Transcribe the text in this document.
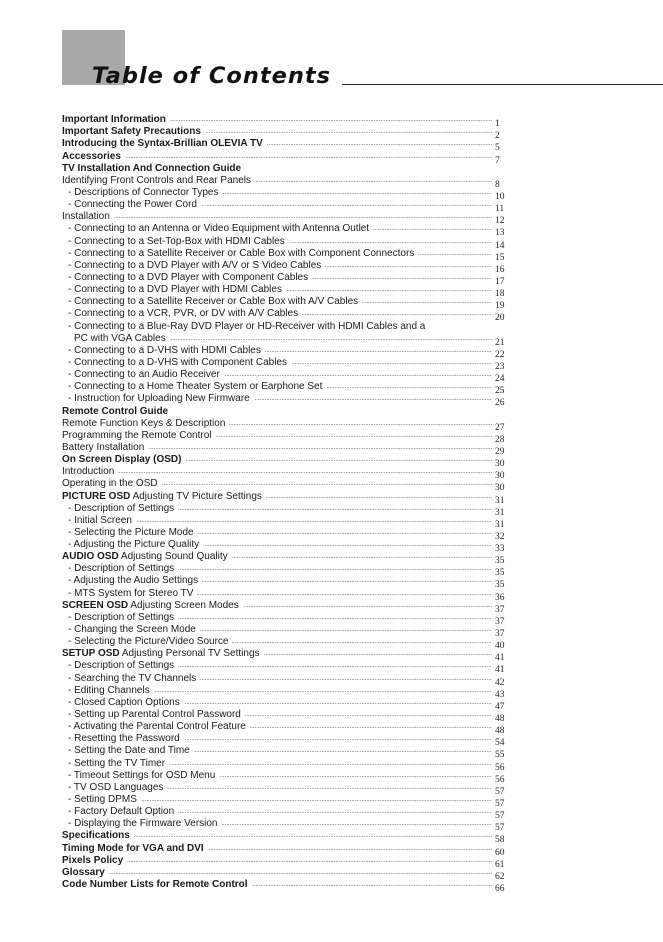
Table of Contents
Important Information .....	1
Important Safety Precautions .....	2
Introducing the Syntax-Brillian OLEVIA TV .....	5
Accessories .....	7
TV Installation And Connection Guide
Identifying Front Controls and Rear Panels .....	8
- Descriptions of Connector Types .....	10
- Connecting the Power Cord .....	11
Installation .....	12
- Connecting to an Antenna or Video Equipment with Antenna Outlet .....	13
- Connecting to a Set-Top-Box with HDMI Cables .....	14
- Connecting to a Satellite Receiver or Cable Box with Component Connectors .....	15
- Connecting to a DVD Player with A/V or S Video Cables .....	16
- Connecting to a DVD Player with Component Cables .....	17
- Connecting to a DVD Player with HDMI Cables .....	18
- Connecting to a Satellite Receiver or Cable Box with A/V Cables .....	19
- Connecting to a VCR, PVR, or DV with A/V Cables .....	20
- Connecting to a Blue-Ray DVD Player or HD-Receiver with HDMI Cables and a
PC with VGA Cables .....	21
- Connecting to a D-VHS with HDMI Cables .....	22
- Connecting to a D-VHS with Component Cables .....	23
- Connecting to an Audio Receiver .....	24
- Connecting to a Home Theater System or Earphone Set .....	25
- Instruction for Uploading New Firmware .....	26
Remote Control Guide
Remote Function Keys & Description .....	27
Programming the Remote Control .....	28
Battery Installation .....	29
On Screen Display (OSD) .....	30
Introduction .....	30
Operating in the OSD .....	30
PICTURE OSD Adjusting TV Picture Settings .....	31
- Description of Settings .....	31
- Initial Screen .....	31
- Selecting the Picture Mode .....	32
- Adjusting the Picture Quality .....	33
AUDIO OSD Adjusting Sound Quality .....	35
- Description of Settings .....	35
- Adjusting the Audio Settings .....	35
- MTS System for Stereo TV .....	36
SCREEN OSD Adjusting Screen Modes .....	37
- Description of Settings .....	37
- Changing the Screen Mode .....	37
- Selecting the Picture/Video Source .....	40
SETUP OSD Adjusting Personal TV Settings .....	41
- Description of Settings .....	41
- Searching the TV Channels .....	42
- Editing Channels .....	43
- Closed Caption Options .....	47
- Setting up Parental Control Password .....	48
- Activating the Parental Control Feature .....	48
- Resetting the Password .....	54
- Setting the Date and Time .....	55
- Setting the TV Timer .....	56
- Timeout Settings for OSD Menu .....	56
- TV OSD Languages .....	57
- Setting DPMS .....	57
- Factory Default Option .....	57
- Displaying the Firmware Version .....	57
Specifications .....	58
Timing Mode for VGA and DVI .....	60
Pixels Policy .....	61
Glossary .....	62
Code Number Lists for Remote Control .....	66
